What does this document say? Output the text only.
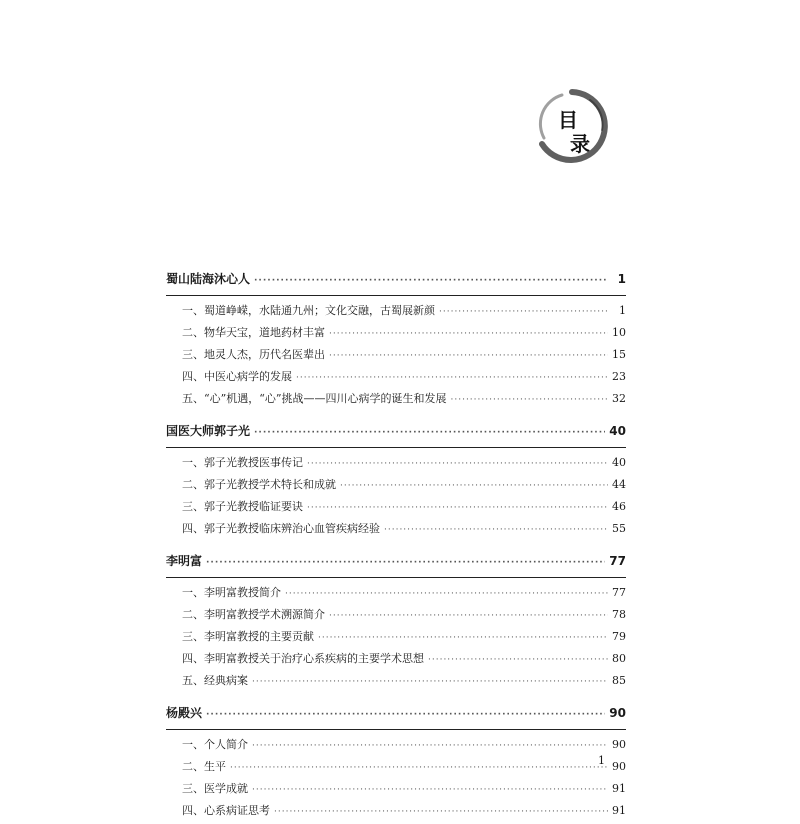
目
录
蜀山陆海沐心人 ·····	1
一、蜀道峥嵘，水陆通九州；文化交融，古蜀展新颜 ·····	1
二、物华天宝，道地药材丰富 ·····	10
三、地灵人杰，历代名医辈出 ·····	15
四、中医心病学的发展 ·····	23
五、“心”机遇，“心”挑战——四川心病学的诞生和发展 ·····	32
国医大师郭子光 ·····	40
一、郭子光教授医事传记 ·····	40
二、郭子光教授学术特长和成就 ·····	44
三、郭子光教授临证要诀 ·····	46
四、郭子光教授临床辨治心血管疾病经验 ·····	55
李明富 ·····	77
一、李明富教授简介 ·····	77
二、李明富教授学术溯源简介 ·····	78
三、李明富教授的主要贡献 ·····	79
四、李明富教授关于治疗心系疾病的主要学术思想 ·····	80
五、经典病案 ·····	85
杨殿兴 ·····	90
一、个人简介 ·····	90
二、生平 ·····	90
三、医学成就 ·····	91
四、心系病证思考 ·····	91
1
